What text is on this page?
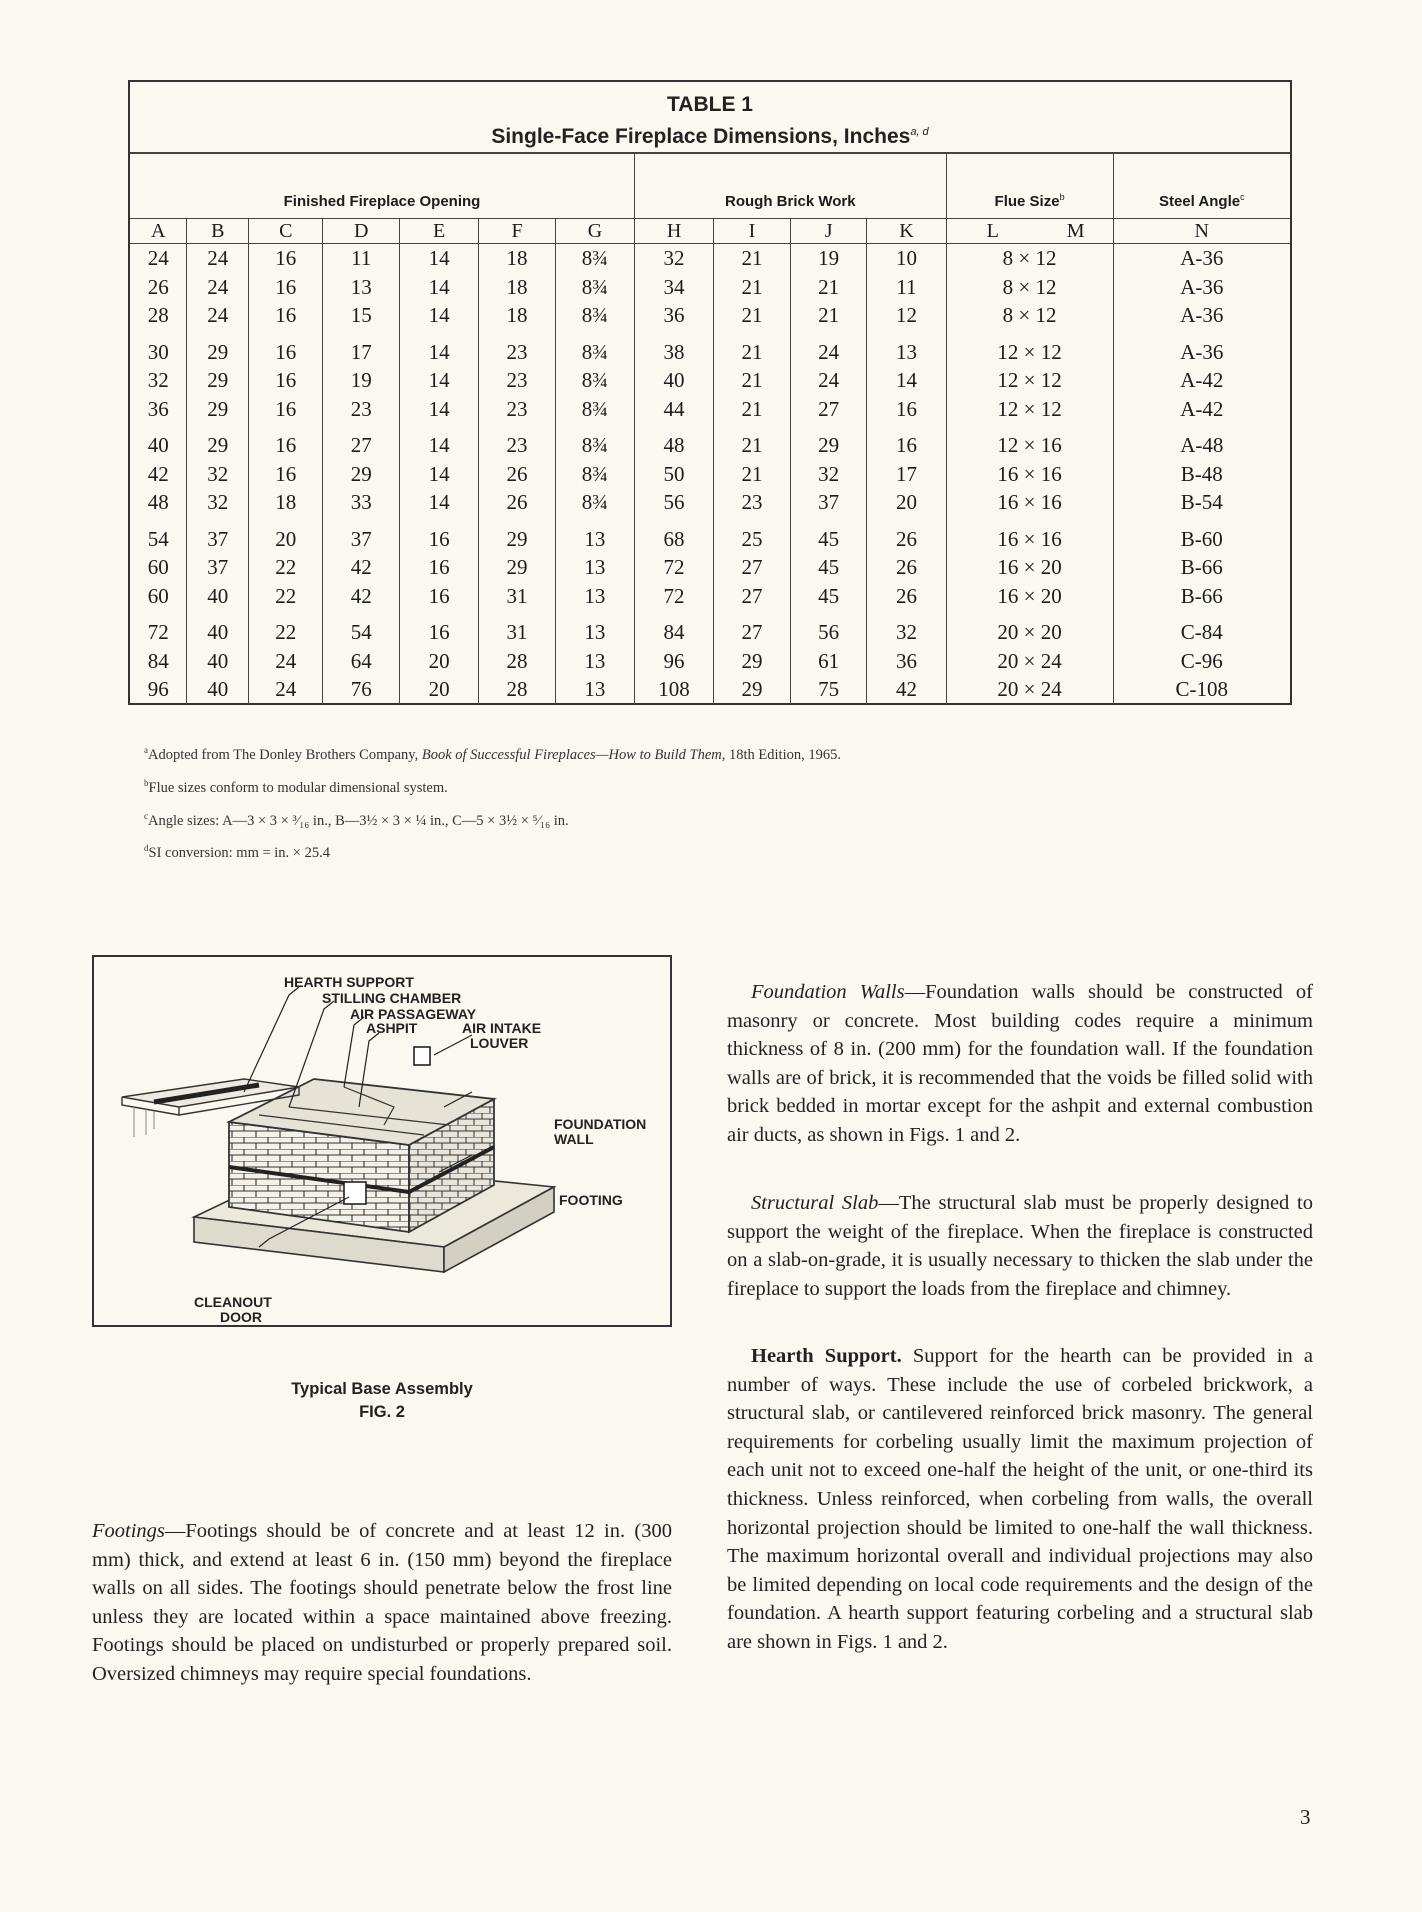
TABLE 1
Single-Face Fireplace Dimensions, Inches$^{a, d}$
Finished Fireplace Opening							Rough Brick Work				Flue Size$^b$	Steel Angle$^c$
A	B	C	D	E	F	G	H	I	J	K	L M	N
24	24	16	11	14	18	8¾	32	21	19	10	8 × 12	A-36
26	24	16	13	14	18	8¾	34	21	21	11	8 × 12	A-36
28	24	16	15	14	18	8¾	36	21	21	12	8 × 12	A-36
30	29	16	17	14	23	8¾	38	21	24	13	12 × 12	A-36
32	29	16	19	14	23	8¾	40	21	24	14	12 × 12	A-42
36	29	16	23	14	23	8¾	44	21	27	16	12 × 12	A-42
40	29	16	27	14	23	8¾	48	21	29	16	12 × 16	A-48
42	32	16	29	14	26	8¾	50	21	32	17	16 × 16	B-48
48	32	18	33	14	26	8¾	56	23	37	20	16 × 16	B-54
54	37	20	37	16	29	13	68	25	45	26	16 × 16	B-60
60	37	22	42	16	29	13	72	27	45	26	16 × 20	B-66
60	40	22	42	16	31	13	72	27	45	26	16 × 20	B-66
72	40	22	54	16	31	13	84	27	56	32	20 × 20	C-84
84	40	24	64	20	28	13	96	29	61	36	20 × 24	C-96
96	40	24	76	20	28	13	108	29	75	42	20 × 24	C-108
$^a$Adopted from The Donley Brothers Company, Book of Successful Fireplaces—How to Build Them, 18th Edition, 1965.
$^b$Flue sizes conform to modular dimensional system.
$^c$Angle sizes: A—3 × 3 × ³⁄₁₆ in., B—3½ × 3 × ¼ in., C—5 × 3½ × ⁵⁄₁₆ in.
$^d$SI conversion: mm = in. × 25.4
HEARTH SUPPORT
STILLING CHAMBER
AIR PASSAGEWAY
ASHPIT	AIR INTAKE
LOUVER
FOUNDATION
WALL
FOOTING
CLEANOUT
DOOR
Typical Base Assembly
FIG. 2
Footings—Footings should be of concrete and at least 12 in. (300 mm) thick, and extend at least 6 in. (150 mm) beyond the fireplace walls on all sides. The footings should penetrate below the frost line unless they are located within a space maintained above freezing. Footings should be placed on undisturbed or properly prepared soil. Oversized chimneys may require special foundations.
Foundation Walls—Foundation walls should be constructed of masonry or concrete. Most building codes require a minimum thickness of 8 in. (200 mm) for the foundation wall. If the foundation walls are of brick, it is recommended that the voids be filled solid with brick bedded in mortar except for the ashpit and external combustion air ducts, as shown in Figs. 1 and 2.
Structural Slab—The structural slab must be properly designed to support the weight of the fireplace. When the fireplace is constructed on a slab-on-grade, it is usually necessary to thicken the slab under the fireplace to support the loads from the fireplace and chimney.
Hearth Support. Support for the hearth can be provided in a number of ways. These include the use of corbeled brickwork, a structural slab, or cantilevered reinforced brick masonry. The general requirements for corbeling usually limit the maximum projection of each unit not to exceed one-half the height of the unit, or one-third its thickness. Unless reinforced, when corbeling from walls, the overall horizontal projection should be limited to one-half the wall thickness. The maximum horizontal overall and individual projections may also be limited depending on local code requirements and the design of the foundation. A hearth support featuring corbeling and a structural slab are shown in Figs. 1 and 2.
3
